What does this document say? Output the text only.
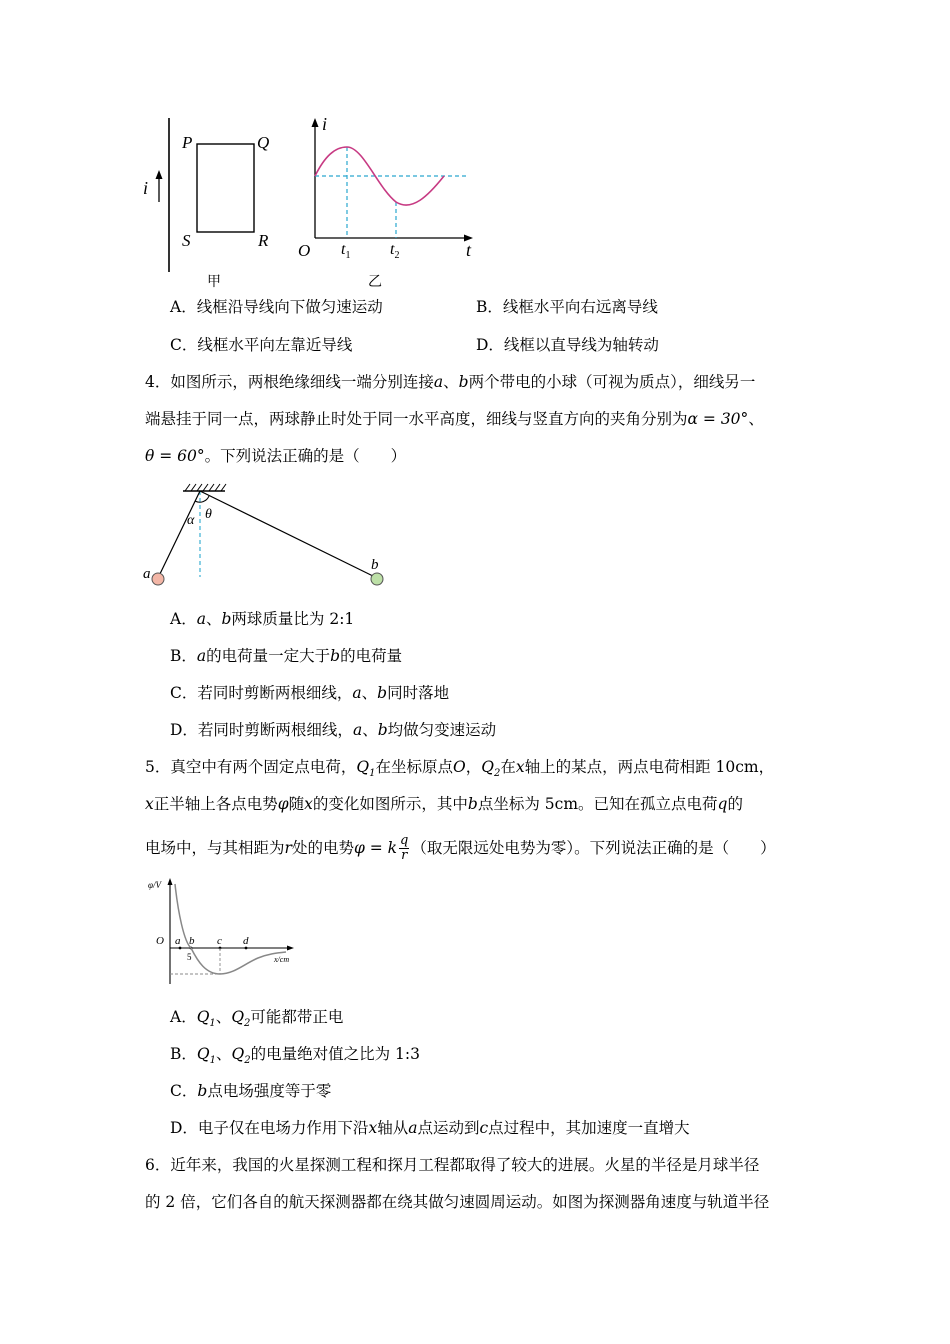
i
P	Q
S	R
甲
i
t
O $t_1$ $t_2$
乙
A．线框沿导线向下做匀速运动	B．线框水平向右远离导线
C．线框水平向左靠近导线	D．线框以直导线为轴转动
4．如图所示，两根绝缘细线一端分别连接a、b两个带电的小球（可视为质点），细线另一
端悬挂于同一点，两球静止时处于同一水平高度，细线与竖直方向的夹角分别为α = 30°、
θ = 60°。下列说法正确的是（　　）
α θ
a
b
A．a、b两球质量比为 2:1
B．a的电荷量一定大于b的电荷量
C．若同时剪断两根细线，a、b同时落地
D．若同时剪断两根细线，a、b均做匀变速运动
5．真空中有两个固定点电荷，$Q_1$在坐标原点O，$Q_2$在x轴上的某点，两点电荷相距 10cm，
x正半轴上各点电势φ随x的变化如图所示，其中b点坐标为 5cm。已知在孤立点电荷q的
电场中，与其相距为r处的电势φ = k $\frac{q}{r}$ （取无限远处电势为零）。下列说法正确的是（　　）
φ/V
O a b c d
5	x/cm
A．$Q_1$、$Q_2$可能都带正电
B．$Q_1$、$Q_2$的电量绝对值之比为 1:3
C．b点电场强度等于零
D．电子仅在电场力作用下沿x轴从a点运动到c点过程中，其加速度一直增大
6．近年来，我国的火星探测工程和探月工程都取得了较大的进展。火星的半径是月球半径
的 2 倍，它们各自的航天探测器都在绕其做匀速圆周运动。如图为探测器角速度与轨道半径
